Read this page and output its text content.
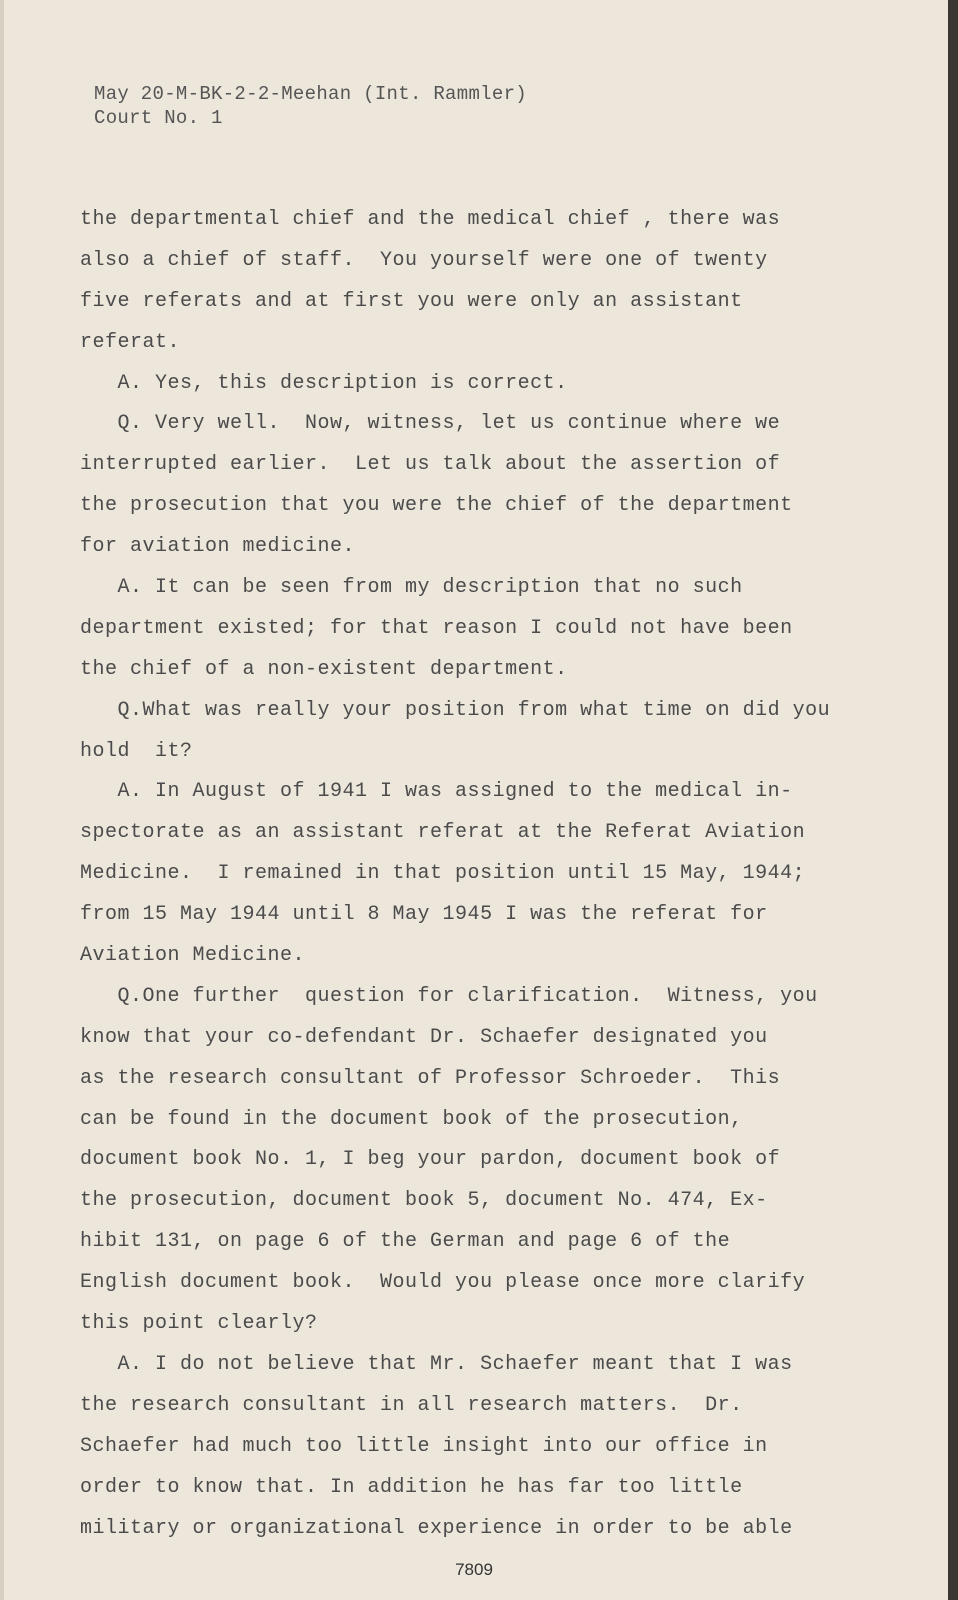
May 20-M-BK-2-2-Meehan (Int. Rammler)
Court No. 1
the departmental chief and the medical chief , there was
also a chief of staff.  You yourself were one of twenty
five referats and at first you were only an assistant
referat.
A. Yes, this description is correct.
Q. Very well.  Now, witness, let us continue where we
interrupted earlier.  Let us talk about the assertion of
the prosecution that you were the chief of the department
for aviation medicine.
A. It can be seen from my description that no such
department existed; for that reason I could not have been
the chief of a non-existent department.
Q.What was really your position from what time on did you
hold  it?
A. In August of 1941 I was assigned to the medical in-
spectorate as an assistant referat at the Referat Aviation
Medicine.  I remained in that position until 15 May, 1944;
from 15 May 1944 until 8 May 1945 I was the referat for
Aviation Medicine.
Q.One further  question for clarification.  Witness, you
know that your co-defendant Dr. Schaefer designated you
as the research consultant of Professor Schroeder.  This
can be found in the document book of the prosecution,
document book No. 1, I beg your pardon, document book of
the prosecution, document book 5, document No. 474, Ex-
hibit 131, on page 6 of the German and page 6 of the
English document book.  Would you please once more clarify
this point clearly?
A. I do not believe that Mr. Schaefer meant that I was
the research consultant in all research matters.  Dr.
Schaefer had much too little insight into our office in
order to know that. In addition he has far too little
military or organizational experience in order to be able
7809
